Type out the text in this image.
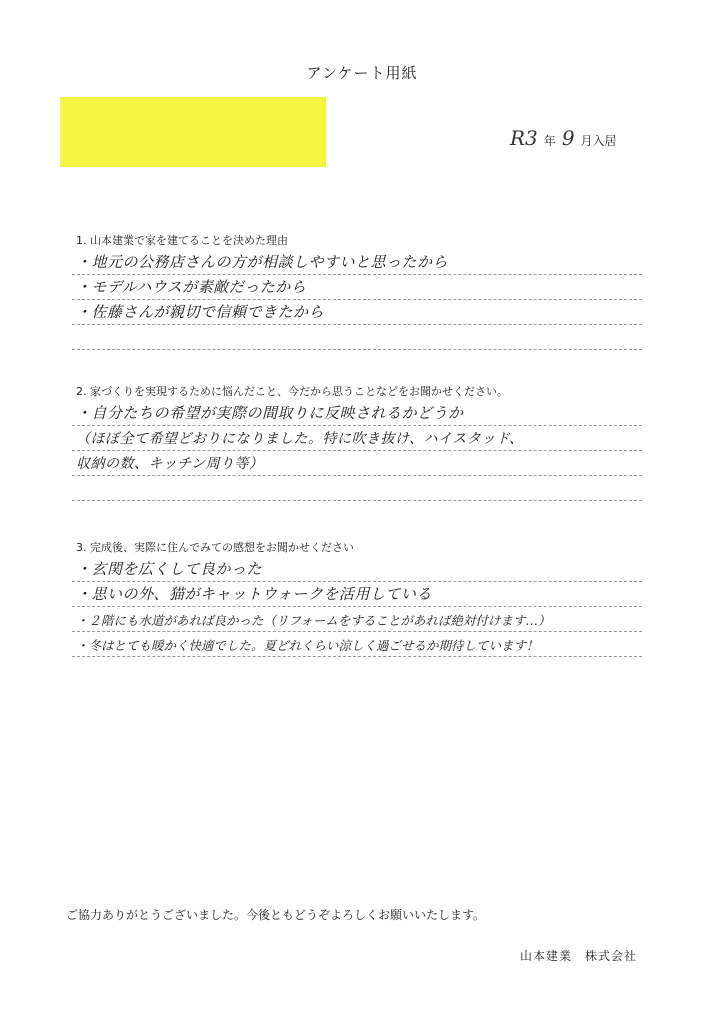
アンケート用紙
R3 年 9 月入居
1. 山本建業で家を建てることを決めた理由
・地元の公務店さんの方が相談しやすいと思ったから
・モデルハウスが素敵だったから
・佐藤さんが親切で信頼できたから
2. 家づくりを実現するために悩んだこと、今だから思うことなどをお聞かせください。
・自分たちの希望が実際の間取りに反映されるかどうか
（ほぼ全て希望どおりになりました。特に吹き抜け、ハイスタッド、
収納の数、キッチン周り等）
3. 完成後、実際に住んでみての感想をお聞かせください
・玄関を広くして良かった
・思いの外、猫がキャットウォークを活用している
・２階にも水道があれば良かった（リフォームをすることがあれば絶対付けます…）
・冬はとても暖かく快適でした。夏どれくらい涼しく過ごせるか期待しています！
ご協力ありがとうございました。今後ともどうぞよろしくお願いいたします。
山本建業　株式会社
